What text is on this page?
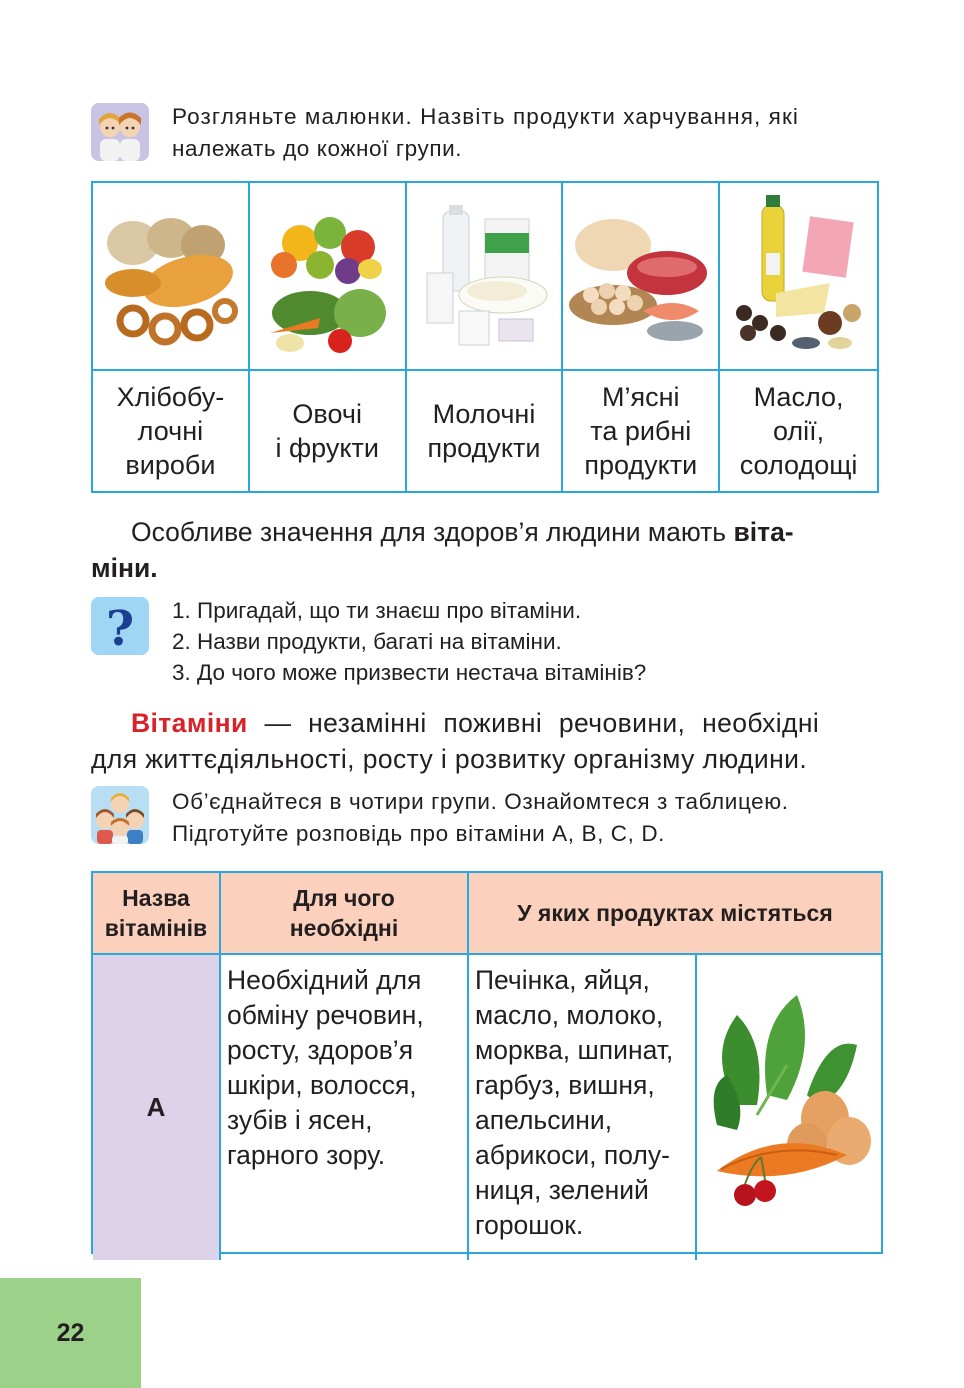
Розгляньте малюнки. Назвіть продукти харчування, які
належать до кожної групи.
Хлібобу-
лочні
вироби
Овочі
і фрукти
Молочні
продукти
М’ясні
та рибні
продукти
Масло,
олії,
солодощі
Особливе значення для здоров’я людини мають віта-
міни.
? 1. Пригадай, що ти знаєш про вітаміни.
2. Назви продукти, багаті на вітаміни.
3. До чого може призвести нестача вітамінів?
Вітаміни — незамінні поживні речовини, необхідні
для життєдіяльності, росту і розвитку організму людини.
Об’єднайтеся в чотири групи. Ознайомтеся з таблицею.
Підготуйте розповідь про вітаміни А, В, С, D.
Назва
вітамінів
Для чого
необхідні
У яких продуктах містяться
А
Необхідний для
обміну речовин,
росту, здоров’я
шкіри, волосся,
зубів і ясен,
гарного зору.
Печінка, яйця,
масло, молоко,
морква, шпинат,
гарбуз, вишня,
апельсини,
абрикоси, полу-
ниця, зелений
горошок.
22
